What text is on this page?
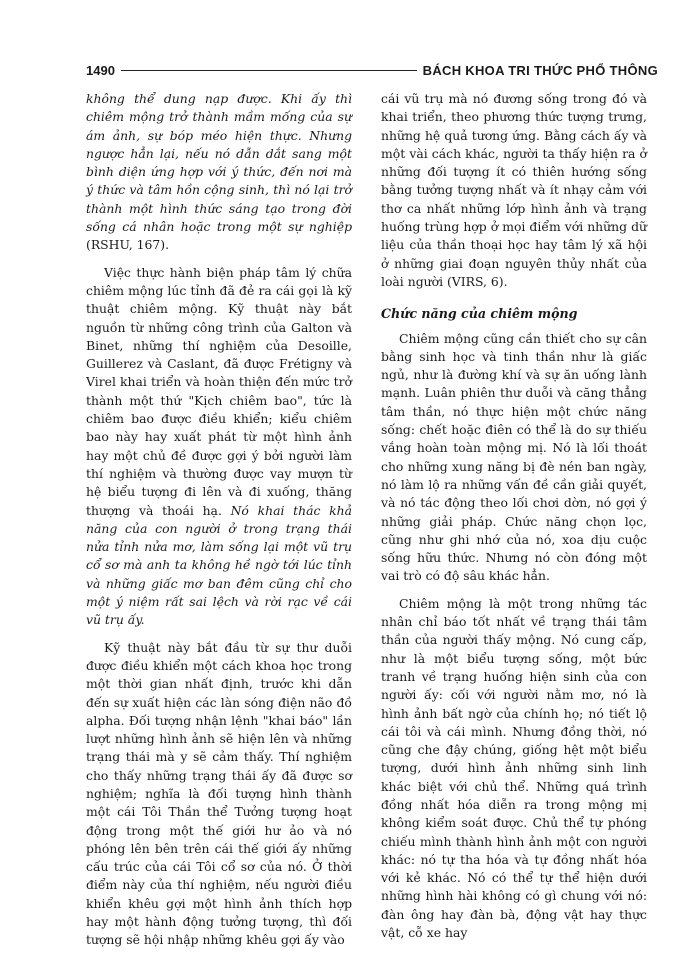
1490	BÁCH KHOA TRI THỨC PHỔ THÔNG

không thể dung nạp được. Khi ấy thì chiêm mộng trở thành mầm mống của sự ám ảnh, sự bóp méo hiện thực. Nhưng ngược hẳn lại, nếu nó dẫn dắt sang một bình diện ứng hợp với ý thức, đến nơi mà ý thức và tâm hồn cộng sinh, thì nó lại trở thành một hình thức sáng tạo trong đời sống cá nhân hoặc trong một sự nghiệp (RSHU, 167).

Việc thực hành biện pháp tâm lý chữa chiêm mộng lúc tỉnh đã đẻ ra cái gọi là kỹ thuật chiêm mộng. Kỹ thuật này bắt nguồn từ những công trình của Galton và Binet, những thí nghiệm của Desoille, Guillerez và Caslant, đã được Frétigny và Virel khai triển và hoàn thiện đến mức trở thành một thứ "Kịch chiêm bao", tức là chiêm bao được điều khiển; kiểu chiêm bao này hay xuất phát từ một hình ảnh hay một chủ đề được gợi ý bởi người làm thí nghiệm và thường được vay mượn từ hệ biểu tượng đi lên và đi xuống, thăng thượng và thoái hạ. Nó khai thác khả năng của con người ở trong trạng thái nửa tỉnh nửa mơ, làm sống lại một vũ trụ cổ sơ mà anh ta không hề ngờ tới lúc tỉnh và những giấc mơ ban đêm cũng chỉ cho một ý niệm rất sai lệch và rời rạc về cái vũ trụ ấy.

Kỹ thuật này bắt đầu từ sự thư duỗi được điều khiển một cách khoa học trong một thời gian nhất định, trước khi dẫn đến sự xuất hiện các làn sóng điện não đồ alpha. Đối tượng nhận lệnh "khai báo" lần lượt những hình ảnh sẽ hiện lên và những trạng thái mà y sẽ cảm thấy. Thí nghiệm cho thấy những trạng thái ấy đã được sơ nghiệm; nghĩa là đối tượng hình thành một cái Tôi Thần thể Tưởng tượng hoạt động trong một thế giới hư ảo và nó phóng lên bên trên cái thế giới ấy những cấu trúc của cái Tôi cổ sơ của nó. Ở thời điểm này của thí nghiệm, nếu người điều khiển khêu gợi một hình ảnh thích hợp hay một hành động tưởng tượng, thì đối tượng sẽ hội nhập những khêu gợi ấy vào

cái vũ trụ mà nó đương sống trong đó và khai triển, theo phương thức tượng trưng, những hệ quả tương ứng. Bằng cách ấy và một vài cách khác, người ta thấy hiện ra ở những đối tượng ít có thiên hướng sống bằng tưởng tượng nhất và ít nhạy cảm với thơ ca nhất những lớp hình ảnh và trạng huống trùng hợp ở mọi điểm với những dữ liệu của thần thoại học hay tâm lý xã hội ở những giai đoạn nguyên thủy nhất của loài người (VIRS, 6).

Chức năng của chiêm mộng

Chiêm mộng cũng cần thiết cho sự cân bằng sinh học và tinh thần như là giấc ngủ, như là đường khí và sự ăn uống lành mạnh. Luân phiên thư duỗi và căng thẳng tâm thần, nó thực hiện một chức năng sống: chết hoặc điên có thể là do sự thiếu vắng hoàn toàn mộng mị. Nó là lối thoát cho những xung năng bị đè nén ban ngày, nó làm lộ ra những vấn đề cần giải quyết, và nó tác động theo lối chơi dờn, nó gợi ý những giải pháp. Chức năng chọn lọc, cũng như ghi nhớ của nó, xoa dịu cuộc sống hữu thức. Nhưng nó còn đóng một vai trò có độ sâu khác hẳn.

Chiêm mộng là một trong những tác nhân chỉ báo tốt nhất về trạng thái tâm thần của người thấy mộng. Nó cung cấp, như là một biểu tượng sống, một bức tranh về trạng huống hiện sinh của con người ấy: cối với người nằm mơ, nó là hình ảnh bất ngờ của chính họ; nó tiết lộ cái tôi và cái mình. Nhưng đồng thời, nó cũng che đậy chúng, giống hệt một biểu tượng, dưới hình ảnh những sinh linh khác biệt với chủ thể. Những quá trình đồng nhất hóa diễn ra trong mộng mị không kiểm soát được. Chủ thể tự phóng chiếu mình thành hình ảnh một con người khác: nó tự tha hóa và tự đồng nhất hóa với kẻ khác. Nó có thể tự thể hiện dưới những hình hài không có gì chung với nó: đàn ông hay đàn bà, động vật hay thực vật, cỗ xe hay
